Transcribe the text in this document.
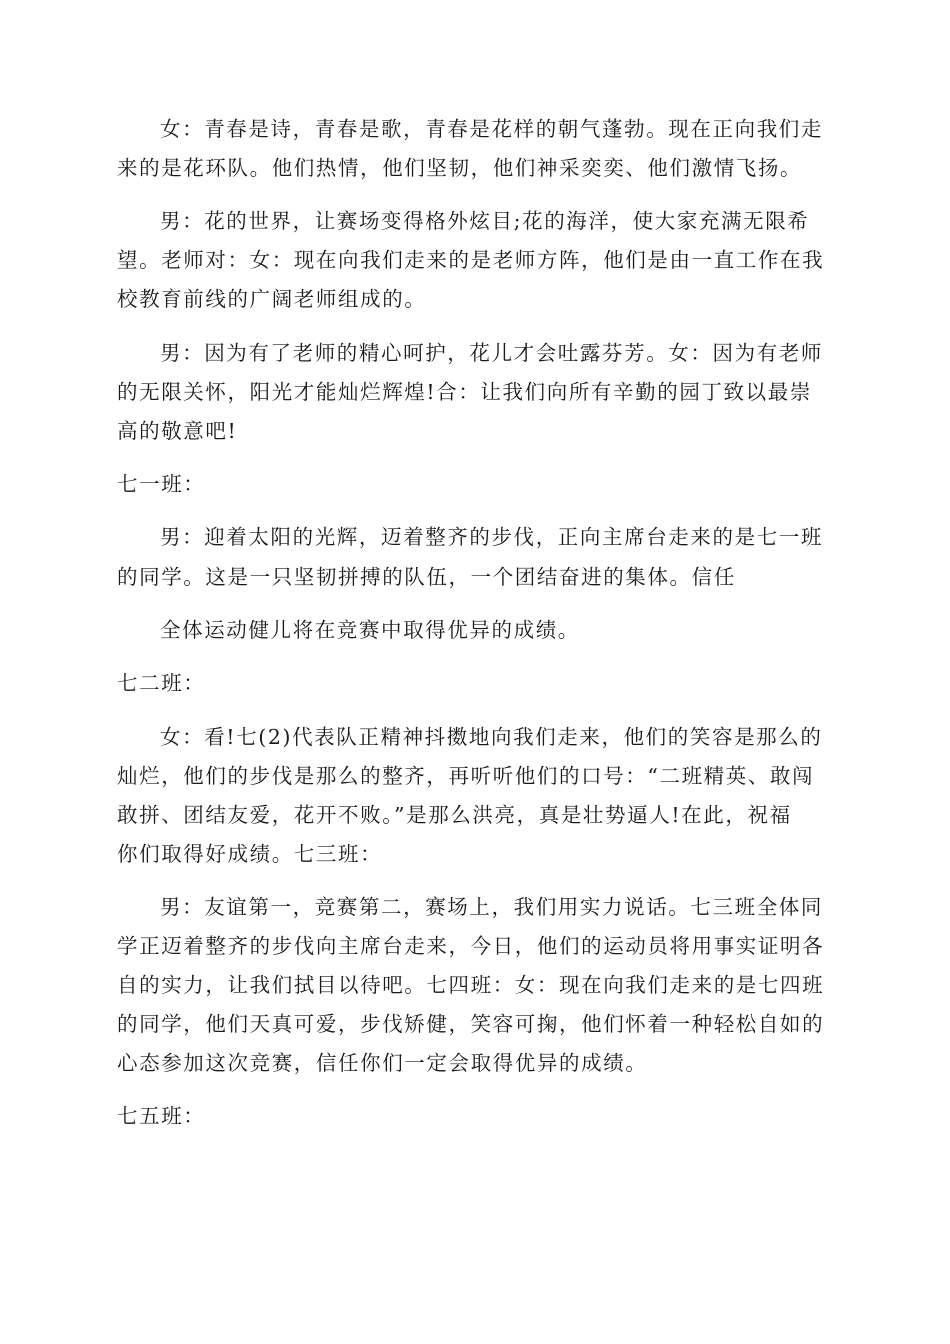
女：青春是诗，青春是歌，青春是花样的朝气蓬勃。现在正向我们走

来的是花环队。他们热情，他们坚韧，他们神采奕奕、他们激情飞扬。

男：花的世界，让赛场变得格外炫目;花的海洋，使大家充满无限希

望。老师对：女：现在向我们走来的是老师方阵，他们是由一直工作在我

校教育前线的广阔老师组成的。

男：因为有了老师的精心呵护，花儿才会吐露芬芳。女：因为有老师

的无限关怀，阳光才能灿烂辉煌!合：让我们向所有辛勤的园丁致以最崇

高的敬意吧!

七一班：

男：迎着太阳的光辉，迈着整齐的步伐，正向主席台走来的是七一班

的同学。这是一只坚韧拼搏的队伍，一个团结奋进的集体。信任

全体运动健儿将在竞赛中取得优异的成绩。

七二班：

女：看!七(2)代表队正精神抖擞地向我们走来，他们的笑容是那么的

灿烂，他们的步伐是那么的整齐，再听听他们的口号：“二班精英、敢闯

敢拼、团结友爱，花开不败。”是那么洪亮，真是壮势逼人!在此，祝福

你们取得好成绩。七三班：

男：友谊第一，竞赛第二，赛场上，我们用实力说话。七三班全体同

学正迈着整齐的步伐向主席台走来，今日，他们的运动员将用事实证明各

自的实力，让我们拭目以待吧。七四班：女：现在向我们走来的是七四班

的同学，他们天真可爱，步伐矫健，笑容可掬，他们怀着一种轻松自如的

心态参加这次竞赛，信任你们一定会取得优异的成绩。

七五班：
